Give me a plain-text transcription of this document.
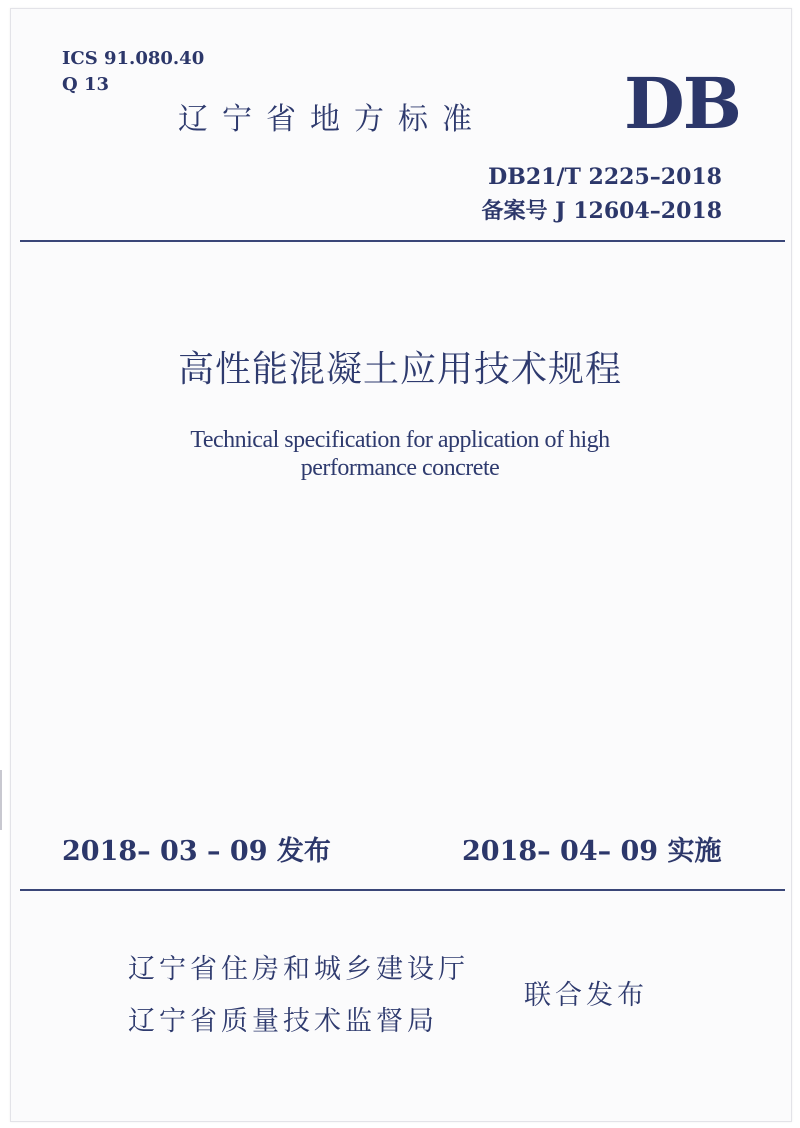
ICS 91.080.40
Q 13
辽宁省地方标准 DB
DB21/T 2225–2018
备案号 J 12604–2018
高性能混凝土应用技术规程
Technical specification for application of high
performance concrete
2018– 03 – 09 发布	2018– 04– 09 实施
辽宁省住房和城乡建设厅
辽宁省质量技术监督局
联合发布
